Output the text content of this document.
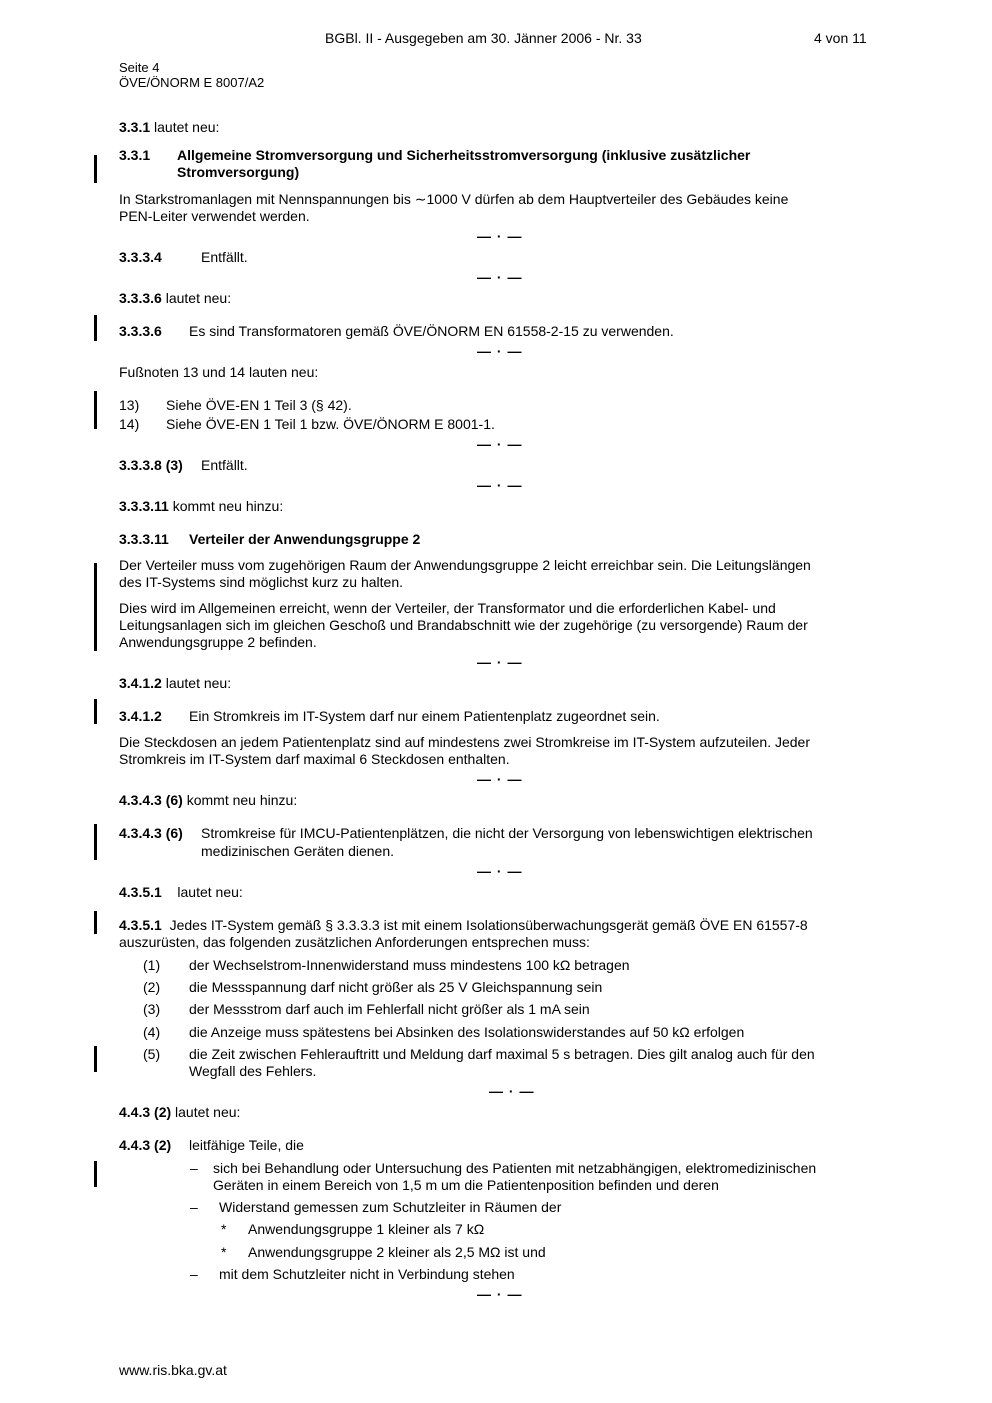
BGBl. II - Ausgegeben am 30. Jänner 2006 - Nr. 33	4 von 11
Seite 4
ÖVE/ÖNORM E 8007/A2
3.3.1 lautet neu:
3.3.1 Allgemeine Stromversorgung und Sicherheitsstromversorgung (inklusive zusätzlicher
Stromversorgung)
In Starkstromanlagen mit Nennspannungen bis ∼1000 V dürfen ab dem Hauptverteiler des Gebäudes keine
PEN-Leiter verwendet werden.
— · —
3.3.3.4	Entfällt.
— · —
3.3.3.6 lautet neu:
3.3.3.6 Es sind Transformatoren gemäß ÖVE/ÖNORM EN 61558-2-15 zu verwenden.
— · —
Fußnoten 13 und 14 lauten neu:
13) Siehe ÖVE-EN 1 Teil 3 (§ 42).
14) Siehe ÖVE-EN 1 Teil 1 bzw. ÖVE/ÖNORM E 8001-1.
— · —
3.3.3.8 (3) Entfällt.
— · —
3.3.3.11 kommt neu hinzu:
3.3.3.11 Verteiler der Anwendungsgruppe 2
Der Verteiler muss vom zugehörigen Raum der Anwendungsgruppe 2 leicht erreichbar sein. Die Leitungslängen
des IT-Systems sind möglichst kurz zu halten.
Dies wird im Allgemeinen erreicht, wenn der Verteiler, der Transformator und die erforderlichen Kabel- und
Leitungsanlagen sich im gleichen Geschoß und Brandabschnitt wie der zugehörige (zu versorgende) Raum der
Anwendungsgruppe 2 befinden.
— · —
3.4.1.2 lautet neu:
3.4.1.2 Ein Stromkreis im IT-System darf nur einem Patientenplatz zugeordnet sein.
Die Steckdosen an jedem Patientenplatz sind auf mindestens zwei Stromkreise im IT-System aufzuteilen. Jeder
Stromkreis im IT-System darf maximal 6 Steckdosen enthalten.
— · —
4.3.4.3 (6) kommt neu hinzu:
4.3.4.3 (6) Stromkreise für IMCU-Patientenplätzen, die nicht der Versorgung von lebenswichtigen elektrischen
medizinischen Geräten dienen.
— · —
4.3.5.1 lautet neu:
4.3.5.1 Jedes IT-System gemäß § 3.3.3.3 ist mit einem Isolationsüberwachungsgerät gemäß ÖVE EN 61557-8
auszurüsten, das folgenden zusätzlichen Anforderungen entsprechen muss:
(1) der Wechselstrom-Innenwiderstand muss mindestens 100 kΩ betragen
(2) die Messspannung darf nicht größer als 25 V Gleichspannung sein
(3) der Messstrom darf auch im Fehlerfall nicht größer als 1 mA sein
(4) die Anzeige muss spätestens bei Absinken des Isolationswiderstandes auf 50 kΩ erfolgen
(5) die Zeit zwischen Fehlerauftritt und Meldung darf maximal 5 s betragen. Dies gilt analog auch für den
Wegfall des Fehlers.
— · —
4.4.3 (2) lautet neu:
4.4.3 (2) leitfähige Teile, die
– sich bei Behandlung oder Untersuchung des Patienten mit netzabhängigen, elektromedizinischen
Geräten in einem Bereich von 1,5 m um die Patientenposition befinden und deren
– Widerstand gemessen zum Schutzleiter in Räumen der
* Anwendungsgruppe 1 kleiner als 7 kΩ
* Anwendungsgruppe 2 kleiner als 2,5 MΩ ist und
– mit dem Schutzleiter nicht in Verbindung stehen
— · —
www.ris.bka.gv.at
